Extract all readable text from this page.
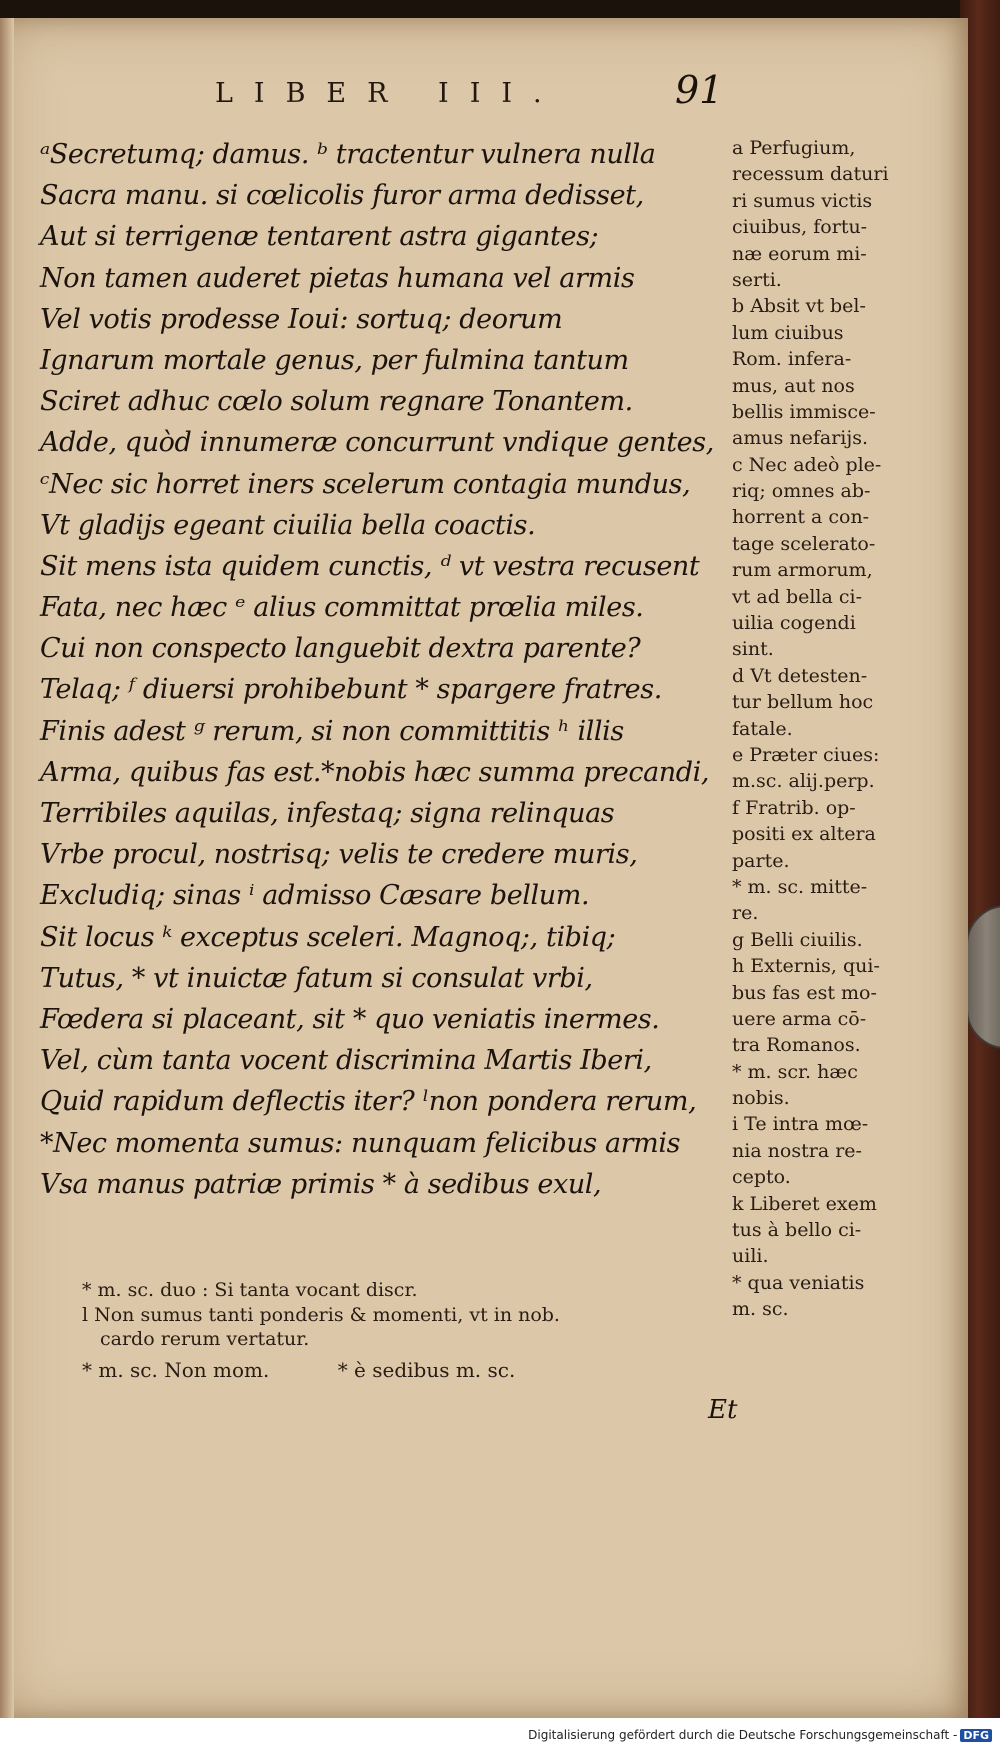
LIBER III.	91
ᵃSecretumq; damus. ᵇ tractentur vulnera nulla
Sacra manu. si cœlicolis furor arma dedisset,
Aut si terrigenæ tentarent astra gigantes;
Non tamen auderet pietas humana vel armis
Vel votis prodesse Ioui: sortuq; deorum
Ignarum mortale genus, per fulmina tantum
Sciret adhuc cœlo solum regnare Tonantem.
Adde, quòd innumeræ concurrunt vndique gentes,
ᶜNec sic horret iners scelerum contagia mundus,
Vt gladijs egeant ciuilia bella coactis.
Sit mens ista quidem cunctis, ᵈ vt vestra recusent
Fata, nec hæc ᵉ alius committat prœlia miles.
Cui non conspecto languebit dextra parente?
Telaq; ᶠ diuersi prohibebunt * spargere fratres.
Finis adest ᵍ rerum, si non committitis ʰ illis
Arma, quibus fas est.*nobis hæc summa precandi,
Terribiles aquilas, infestaq; signa relinquas
Vrbe procul, nostrisq; velis te credere muris,
Excludiq; sinas ⁱ admisso Cæsare bellum.
Sit locus ᵏ exceptus sceleri. Magnoq;, tibiq;
Tutus, * vt inuictæ fatum si consulat vrbi,
Fœdera si placeant, sit * quo veniatis inermes.
Vel, cùm tanta vocent discrimina Martis Iberi,
Quid rapidum deflectis iter? ˡnon pondera rerum,
*Nec momenta sumus: nunquam felicibus armis
Vsa manus patriæ primis * à sedibus exul,
a Perfugium,
recessum daturi
ri sumus victis
ciuibus, fortu-
næ eorum mi-
serti.
b Absit vt bel-
lum ciuibus
Rom. infera-
mus, aut nos
bellis immisce-
amus nefarijs.
c Nec adeò ple-
riq; omnes ab-
horrent a con-
tage scelerato-
rum armorum,
vt ad bella ci-
uilia cogendi
sint.
d Vt detesten-
tur bellum hoc
fatale.
e Præter ciues:
m.sc. alij.perp.
f Fratrib. op-
positi ex altera
parte.
* m. sc. mitte-
re.
g Belli ciuilis.
h Externis, qui-
bus fas est mo-
uere arma cō-
tra Romanos.
* m. scr. hæc
nobis.
i Te intra mœ-
nia nostra re-
cepto.
k Liberet exem
tus à bello ci-
uili.
* qua veniatis
m. sc.
* m. sc. duo : Si tanta vocant discr.
l Non sumus tanti ponderis & momenti, vt in nob.
cardo rerum vertatur.
* m. sc. Non mom.	* è sedibus m. sc.
Et
Digitalisierung gefördert durch die Deutsche Forschungsgemeinschaft - DFG
